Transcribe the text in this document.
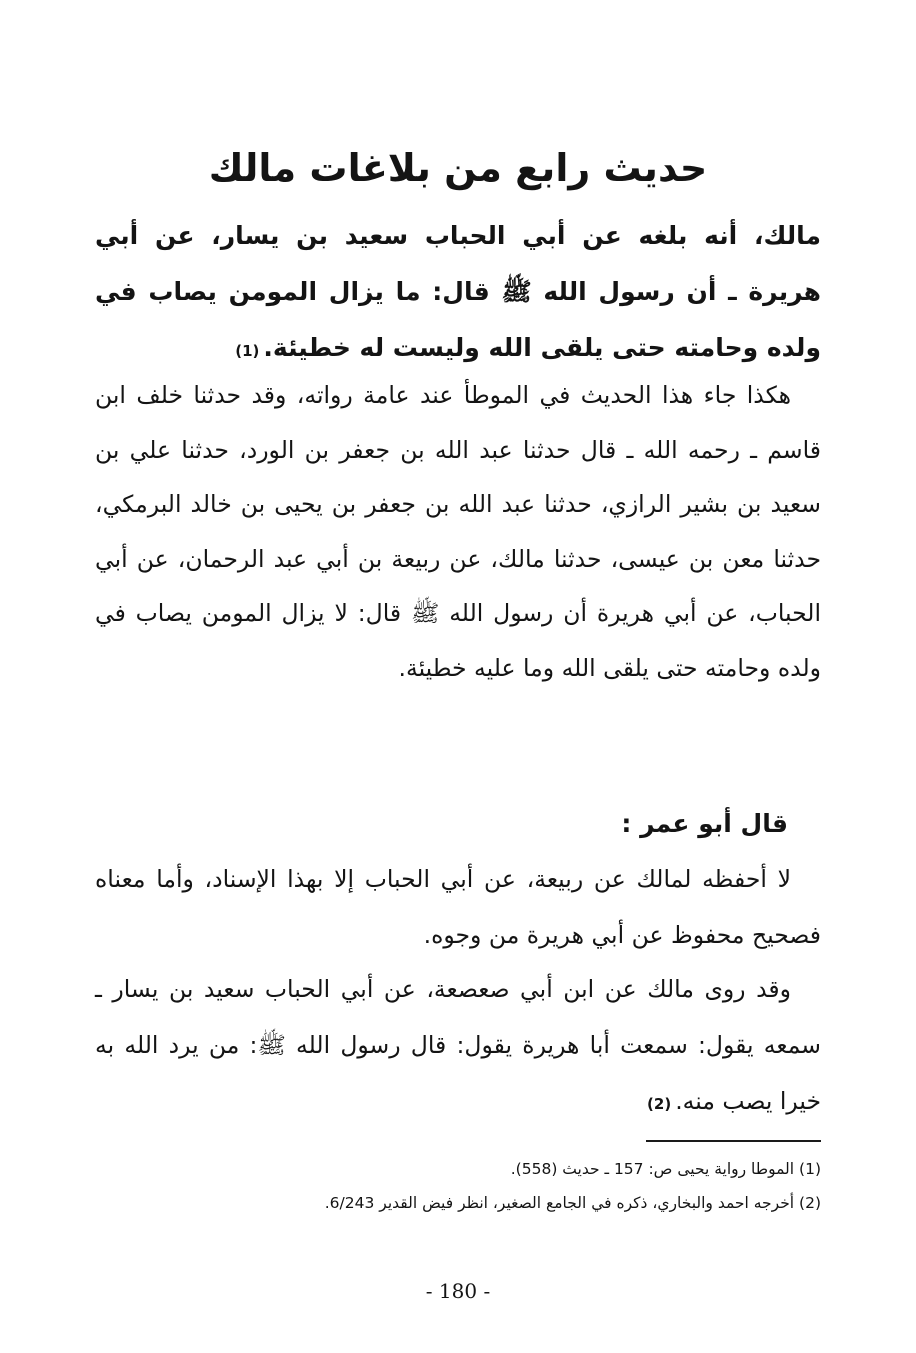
حديث رابع من بلاغات مالك

مالك، أنه بلغه عن أبي الحباب سعيد بن يسار، عن أبي هريرة ـ أن رسول الله ﷺ قال: ما يزال المومن يصاب في ولده وحامته حتى يلقى الله وليست له خطيئة.(1)

هكذا جاء هذا الحديث في الموطأ عند عامة رواته، وقد حدثنا خلف ابن قاسم ـ رحمه الله ـ قال حدثنا عبد الله بن جعفر بن الورد، حدثنا علي بن سعيد بن بشير الرازي، حدثنا عبد الله بن جعفر بن يحيى بن خالد البرمكي، حدثنا معن بن عيسى، حدثنا مالك، عن ربيعة بن أبي عبد الرحمان، عن أبي الحباب، عن أبي هريرة أن رسول الله ﷺ قال: لا يزال المومن يصاب في ولده وحامته حتى يلقى الله وما عليه خطيئة.

قال أبو عمر :

لا أحفظه لمالك عن ربيعة، عن أبي الحباب إلا بهذا الإسناد، وأما معناه فصحيح محفوظ عن أبي هريرة من وجوه.

وقد روى مالك عن ابن أبي صعصعة، عن أبي الحباب سعيد بن يسار ـ سمعه يقول: سمعت أبا هريرة يقول: قال رسول الله ﷺ: من يرد الله به خيرا يصب منه.(2)

(1) الموطا رواية يحيى ص: 157 ـ حديث (558).

(2) أخرجه احمد والبخاري، ذكره في الجامع الصغير، انظر فيض القدير 6/243.

- 180 -
